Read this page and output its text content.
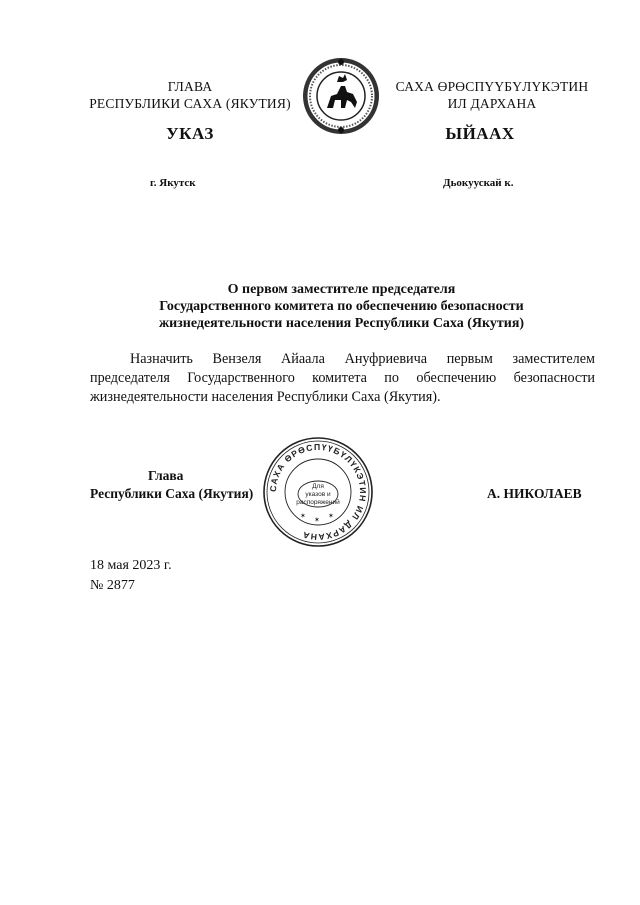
ГЛАВА
РЕСПУБЛИКИ САХА (ЯКУТИЯ)
САХА ӨРӨСПҮҮБҮЛҮКЭТИН
ИЛ ДАРХАНА
УКАЗ	ЫЙААХ
г. Якутск	Дьокуускай к.
О первом заместителе председателя
Государственного комитета по обеспечению безопасности
жизнедеятельности населения Республики Саха (Якутия)
Назначить Вензеля Айаала Ануфриевича первым заместителем председателя Государственного комитета по обеспечению безопасности жизнедеятельности населения Республики Саха (Якутия).
Глава
Республики Саха (Якутия) САХА ӨРӨСПҮҮБҮЛҮКЭТИН ИЛ ДАРХАНА
Для
указов и
распоряжений
✶ ✶ ✶
А. НИКОЛАЕВ
18 мая 2023 г.
№ 2877
